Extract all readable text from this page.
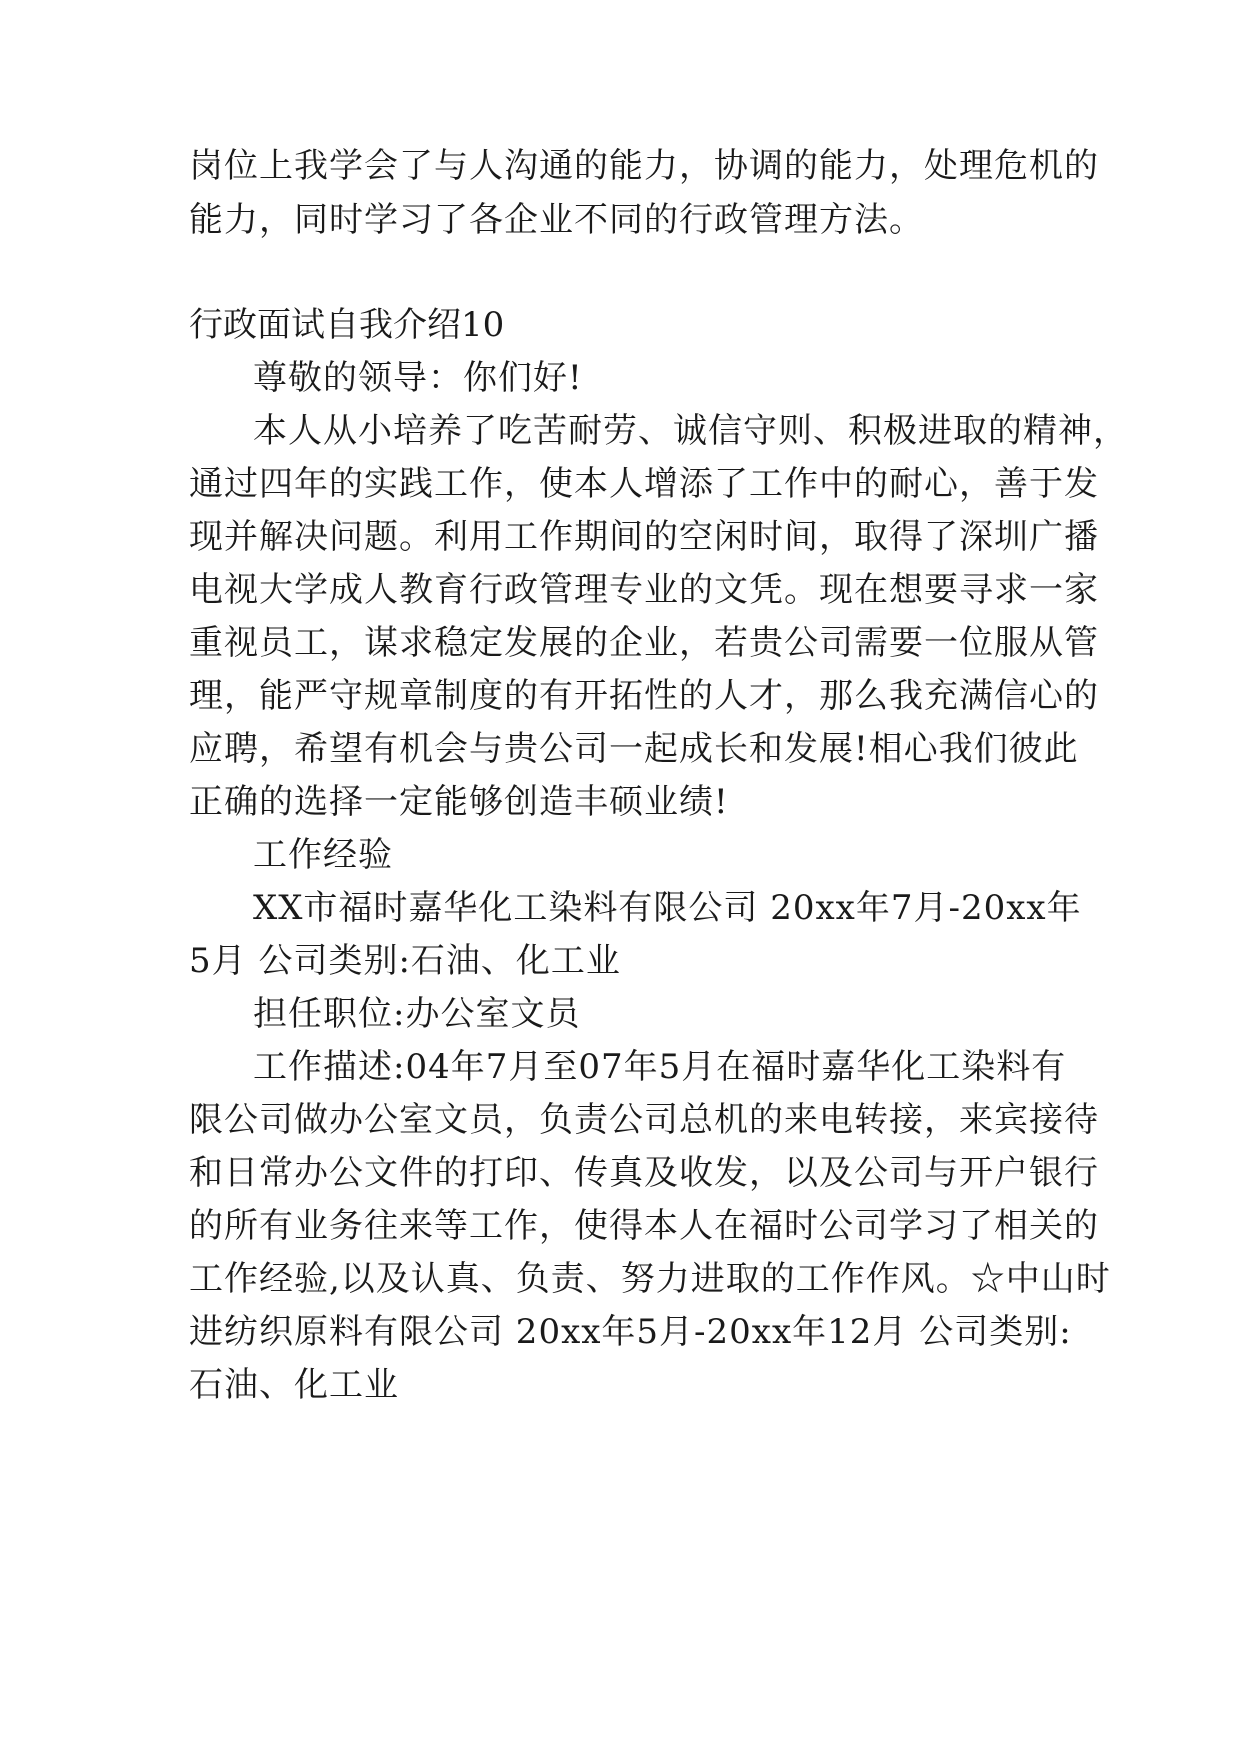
岗位上我学会了与人沟通的能力，协调的能力，处理危机的
能力，同时学习了各企业不同的行政管理方法。
行政面试自我介绍10
尊敬的领导：你们好!
本人从小培养了吃苦耐劳、诚信守则、积极进取的精神，
通过四年的实践工作，使本人增添了工作中的耐心，善于发
现并解决问题。利用工作期间的空闲时间，取得了深圳广播
电视大学成人教育行政管理专业的文凭。现在想要寻求一家
重视员工，谋求稳定发展的企业，若贵公司需要一位服从管
理，能严守规章制度的有开拓性的人才，那么我充满信心的
应聘，希望有机会与贵公司一起成长和发展!相心我们彼此
正确的选择一定能够创造丰硕业绩!
工作经验
XX市福时嘉华化工染料有限公司 20xx年7月-20xx年
5月 公司类别:石油、化工业
担任职位:办公室文员
工作描述:04年7月至07年5月在福时嘉华化工染料有
限公司做办公室文员，负责公司总机的来电转接，来宾接待
和日常办公文件的打印、传真及收发，以及公司与开户银行
的所有业务往来等工作，使得本人在福时公司学习了相关的
工作经验,以及认真、负责、努力进取的工作作风。☆中山时
进纺织原料有限公司 20xx年5月-20xx年12月 公司类别:
石油、化工业
